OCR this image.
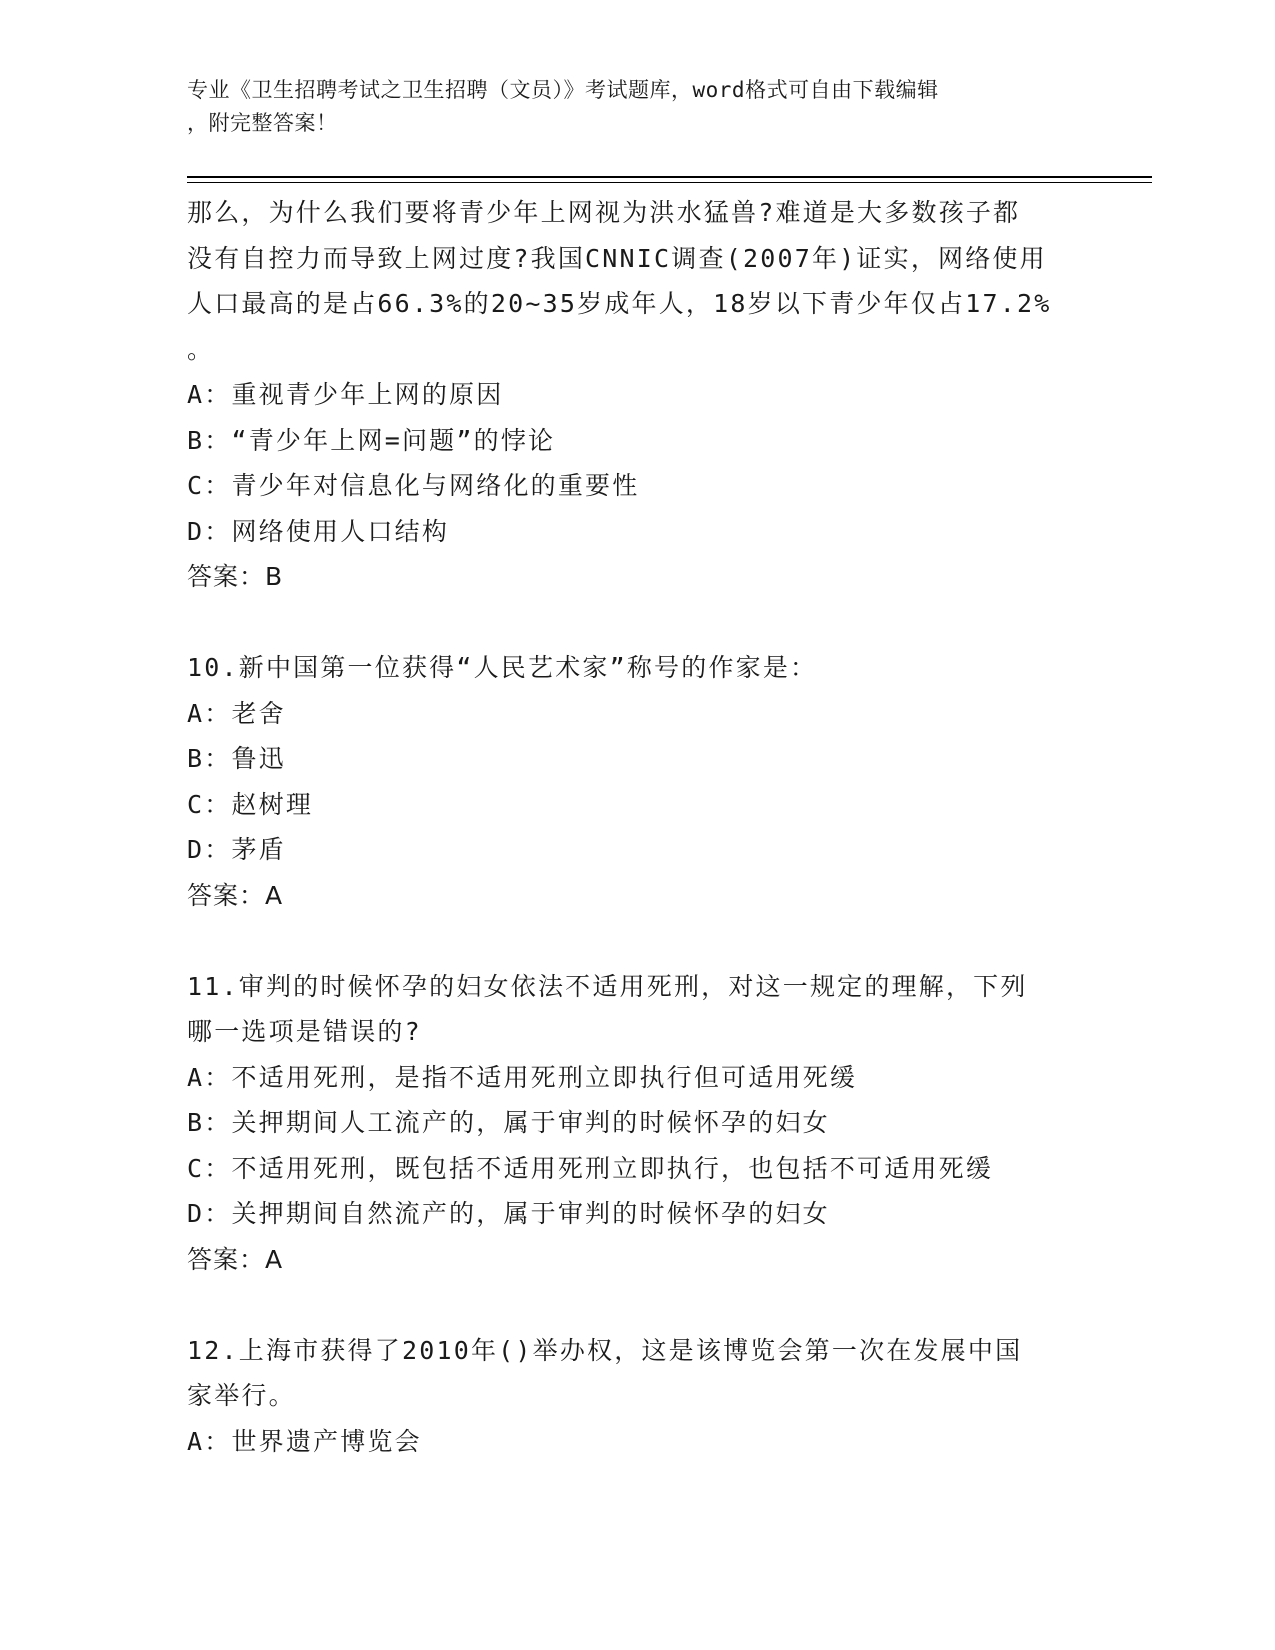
专业《卫生招聘考试之卫生招聘（文员）》考试题库，word格式可自由下载编辑
，附完整答案！
那么，为什么我们要将青少年上网视为洪水猛兽?难道是大多数孩子都
没有自控力而导致上网过度?我国CNNIC调查(2007年)证实，网络使用
人口最高的是占66.3%的20~35岁成年人，18岁以下青少年仅占17.2%
。
A：重视青少年上网的原因
B：“青少年上网=问题”的悖论
C：青少年对信息化与网络化的重要性
D：网络使用人口结构
答案：B
10.新中国第一位获得“人民艺术家”称号的作家是：
A：老舍
B：鲁迅
C：赵树理
D：茅盾
答案：A
11.审判的时候怀孕的妇女依法不适用死刑，对这一规定的理解，下列
哪一选项是错误的?
A：不适用死刑，是指不适用死刑立即执行但可适用死缓
B：关押期间人工流产的，属于审判的时候怀孕的妇女
C：不适用死刑，既包括不适用死刑立即执行，也包括不可适用死缓
D：关押期间自然流产的，属于审判的时候怀孕的妇女
答案：A
12.上海市获得了2010年()举办权，这是该博览会第一次在发展中国
家举行。
A：世界遗产博览会
